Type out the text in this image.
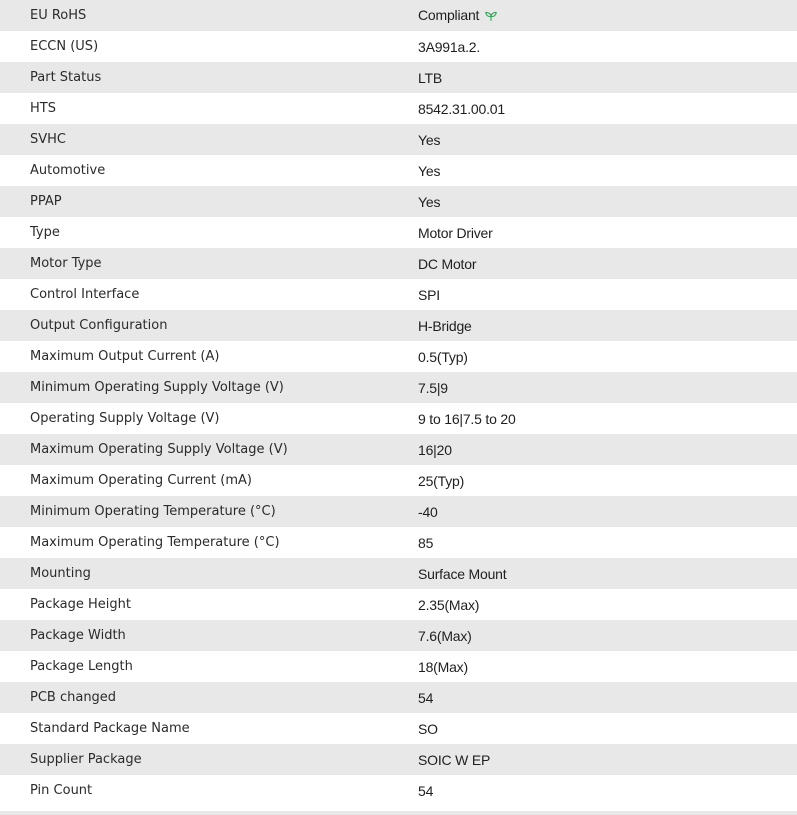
EU RoHS	Compliant
ECCN (US)	3A991a.2.
Part Status	LTB
HTS	8542.31.00.01
SVHC	Yes
Automotive	Yes
PPAP	Yes
Type	Motor Driver
Motor Type	DC Motor
Control Interface	SPI
Output Configuration	H-Bridge
Maximum Output Current (A)	0.5(Typ)
Minimum Operating Supply Voltage (V)	7.5|9
Operating Supply Voltage (V)	9 to 16|7.5 to 20
Maximum Operating Supply Voltage (V)	16|20
Maximum Operating Current (mA)	25(Typ)
Minimum Operating Temperature (°C)	-40
Maximum Operating Temperature (°C)	85
Mounting	Surface Mount
Package Height	2.35(Max)
Package Width	7.6(Max)
Package Length	18(Max)
PCB changed	54
Standard Package Name	SO
Supplier Package	SOIC W EP
Pin Count	54
